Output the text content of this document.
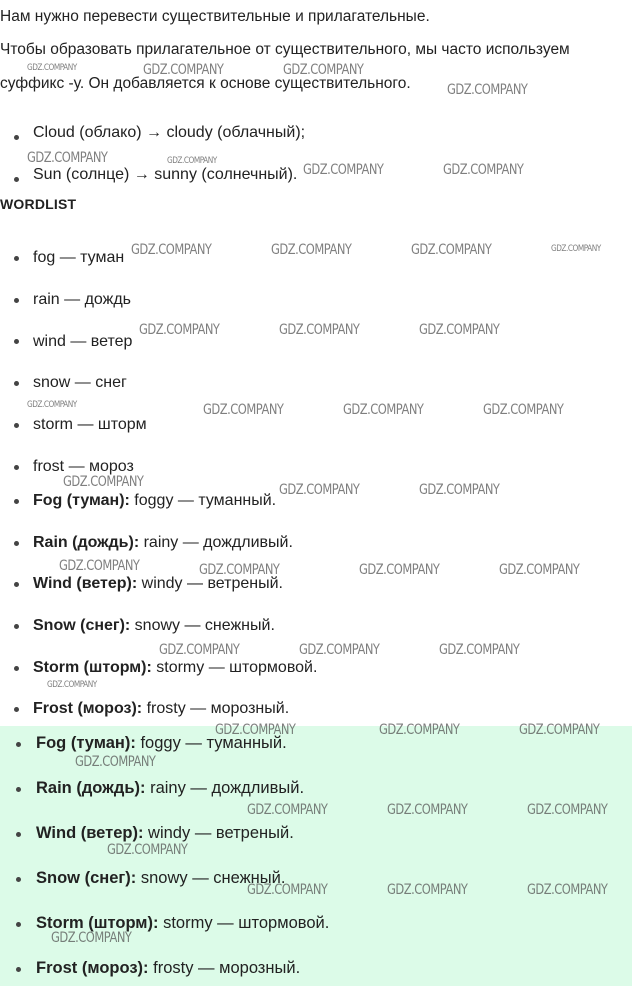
Нам нужно перевести существительные и прилагательные.

Чтобы образовать прилагательное от существительного, мы часто используем суффикс -у. Он добавляется к основе существительного.

Cloud (облако) → cloudy (облачный);
Sun (солнце) → sunny (солнечный).
WORDLIST
fog — туман
rain — дождь
wind — ветер
snow — снег
storm — шторм
frost — мороз
Fog (туман): foggy — туманный.
Rain (дождь): rainy — дождливый.
Wind (ветер): windy — ветреный.
Snow (снег): snowy — снежный.
Storm (шторм): stormy — штормовой.
Frost (мороз): frosty — морозный.
Fog (туман): foggy — туманный.
Rain (дождь): rainy — дождливый.
Wind (ветер): windy — ветреный.
Snow (снег): snowy — снежный.
Storm (шторм): stormy — штормовой.
Frost (мороз): frosty — морозный.
GDZ.COMPANY	GDZ.COMPANY	GDZ.COMPANY
GDZ.COMPANY
GDZ.COMPANY	GDZ.COMPANY
GDZ.COMPANY	GDZ.COMPANY
GDZ.COMPANY	GDZ.COMPANY	GDZ.COMPANY	GDZ.COMPANY
GDZ.COMPANY	GDZ.COMPANY	GDZ.COMPANY
GDZ.COMPANY	GDZ.COMPANY	GDZ.COMPANY	GDZ.COMPANY
GDZ.COMPANY	GDZ.COMPANY	GDZ.COMPANY
GDZ.COMPANY	GDZ.COMPANY	GDZ.COMPANY	GDZ.COMPANY
GDZ.COMPANY	GDZ.COMPANY	GDZ.COMPANY
GDZ.COMPANY
GDZ.COMPANY	GDZ.COMPANY	GDZ.COMPANY
GDZ.COMPANY
GDZ.COMPANY	GDZ.COMPANY	GDZ.COMPANY
GDZ.COMPANY
GDZ.COMPANY	GDZ.COMPANY	GDZ.COMPANY
GDZ.COMPANY
